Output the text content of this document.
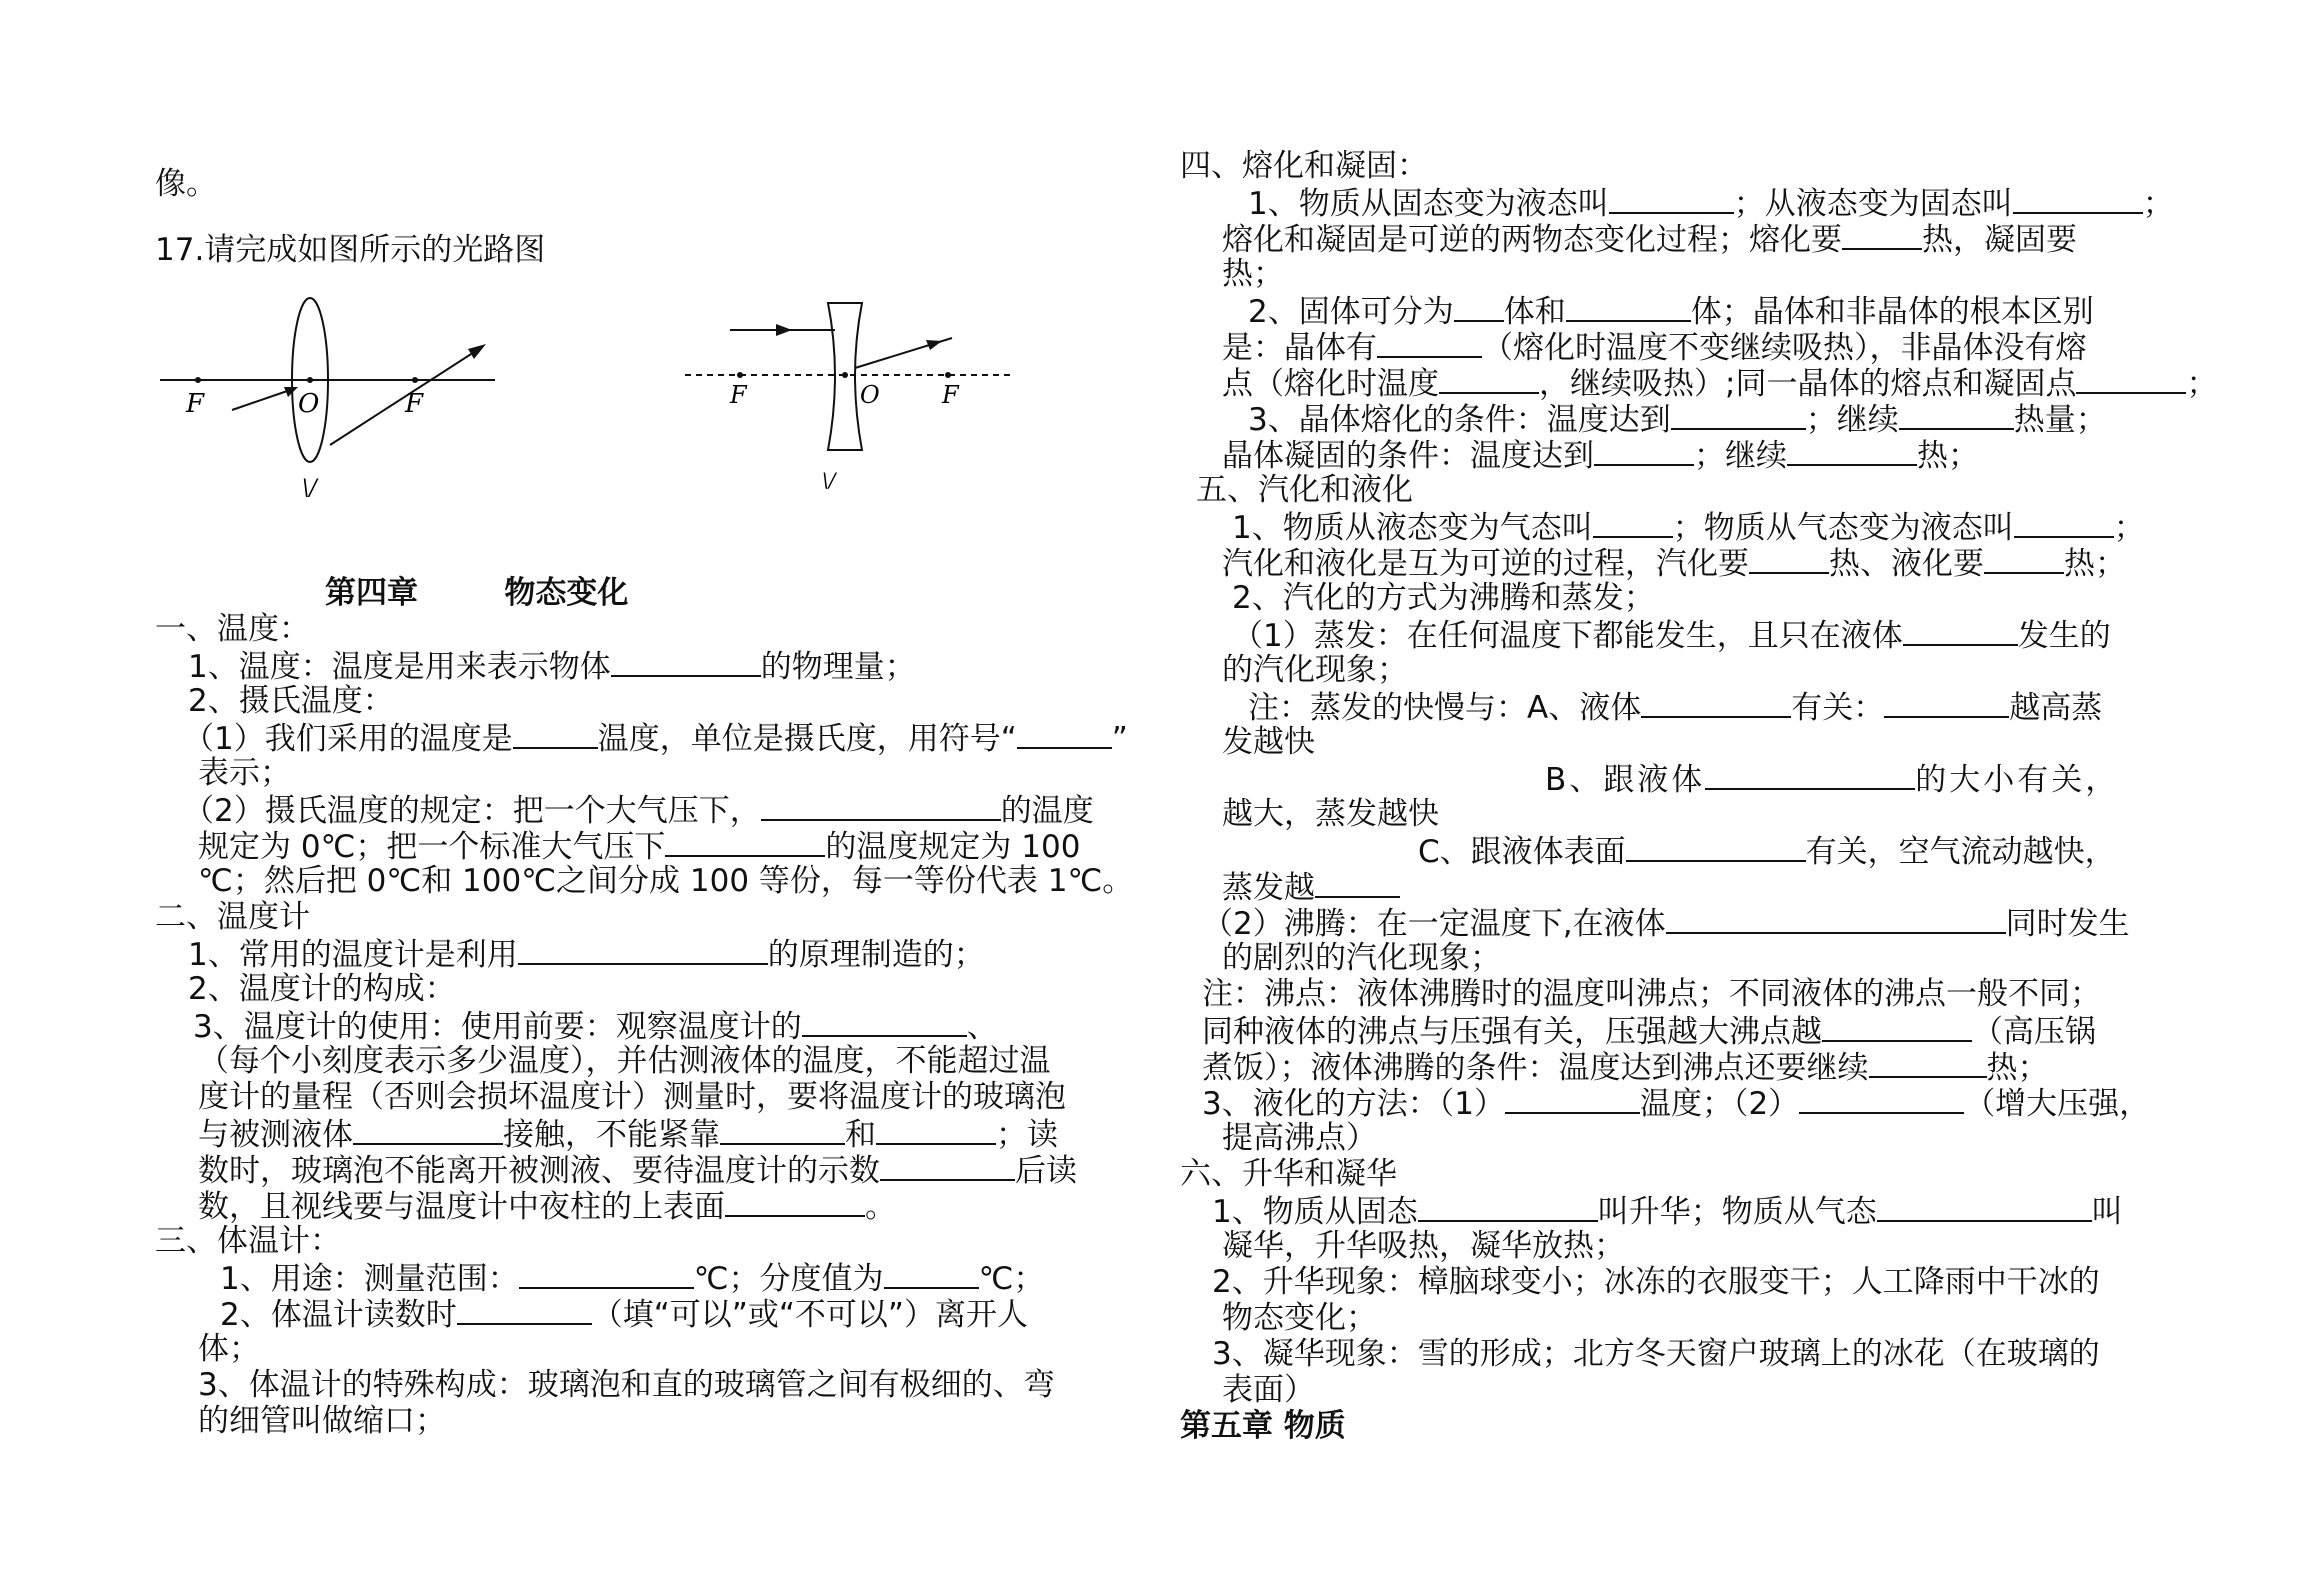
像。
17.请完成如图所示的光路图
F	O	F
\/
F	O	F
\/
第四章        物态变化
一、温度：
1、温度：温度是用来表示物体	的物理量；
2、摄氏温度：
（1）我们采用的温度是	温度，单位是摄氏度，用符号“	”
表示；
（2）摄氏温度的规定：把一个大气压下，	的温度
规定为 0℃；把一个标准大气压下	的温度规定为 100
℃；然后把 0℃和 100℃之间分成 100 等份，每一等份代表 1℃。
二、温度计
1、常用的温度计是利用	的原理制造的；
2、温度计的构成：
3、温度计的使用：使用前要：观察温度计的	、
（每个小刻度表示多少温度），并估测液体的温度，不能超过温
度计的量程（否则会损坏温度计）测量时，要将温度计的玻璃泡
与被测液体	接触，不能紧靠	和	；读
数时，玻璃泡不能离开被测液、要待温度计的示数	后读
数，且视线要与温度计中夜柱的上表面	。
三、体温计：
1、用途：测量范围：	℃；分度值为	℃；
2、体温计读数时	（填“可以”或“不可以”）离开人
体；
3、体温计的特殊构成：玻璃泡和直的玻璃管之间有极细的、弯
的细管叫做缩口；
四、熔化和凝固：
1、物质从固态变为液态叫	；从液态变为固态叫	；
熔化和凝固是可逆的两物态变化过程；熔化要	热，凝固要
热；
2、固体可分为 体和	体；晶体和非晶体的根本区别
是：晶体有	（熔化时温度不变继续吸热），非晶体没有熔
点（熔化时温度	，继续吸热）;同一晶体的熔点和凝固点	；
3、晶体熔化的条件：温度达到	；继续	热量；
晶体凝固的条件：温度达到	；继续	热；
五、汽化和液化
1、物质从液态变为气态叫	；物质从气态变为液态叫	；
汽化和液化是互为可逆的过程，汽化要	热、液化要	热；
2、汽化的方式为沸腾和蒸发；
（1）蒸发：在任何温度下都能发生，且只在液体	发生的
的汽化现象；
注：蒸发的快慢与：A、液体	有关：	越高蒸
发越快
B、跟液体	的大小有关，
越大，蒸发越快
C、跟液体表面	有关，空气流动越快，
蒸发越
（2）沸腾：在一定温度下,在液体	同时发生
的剧烈的汽化现象；
注：沸点：液体沸腾时的温度叫沸点；不同液体的沸点一般不同；
同种液体的沸点与压强有关，压强越大沸点越	（高压锅
煮饭）；液体沸腾的条件：温度达到沸点还要继续	热；
3、液化的方法：（1）	温度；（2）	（增大压强，
提高沸点）
六、升华和凝华
1、物质从固态	叫升华；物质从气态	叫
凝华，升华吸热，凝华放热；
2、升华现象：樟脑球变小；冰冻的衣服变干；人工降雨中干冰的
物态变化；
3、凝华现象：雪的形成；北方冬天窗户玻璃上的冰花（在玻璃的
表面）
第五章 物质
